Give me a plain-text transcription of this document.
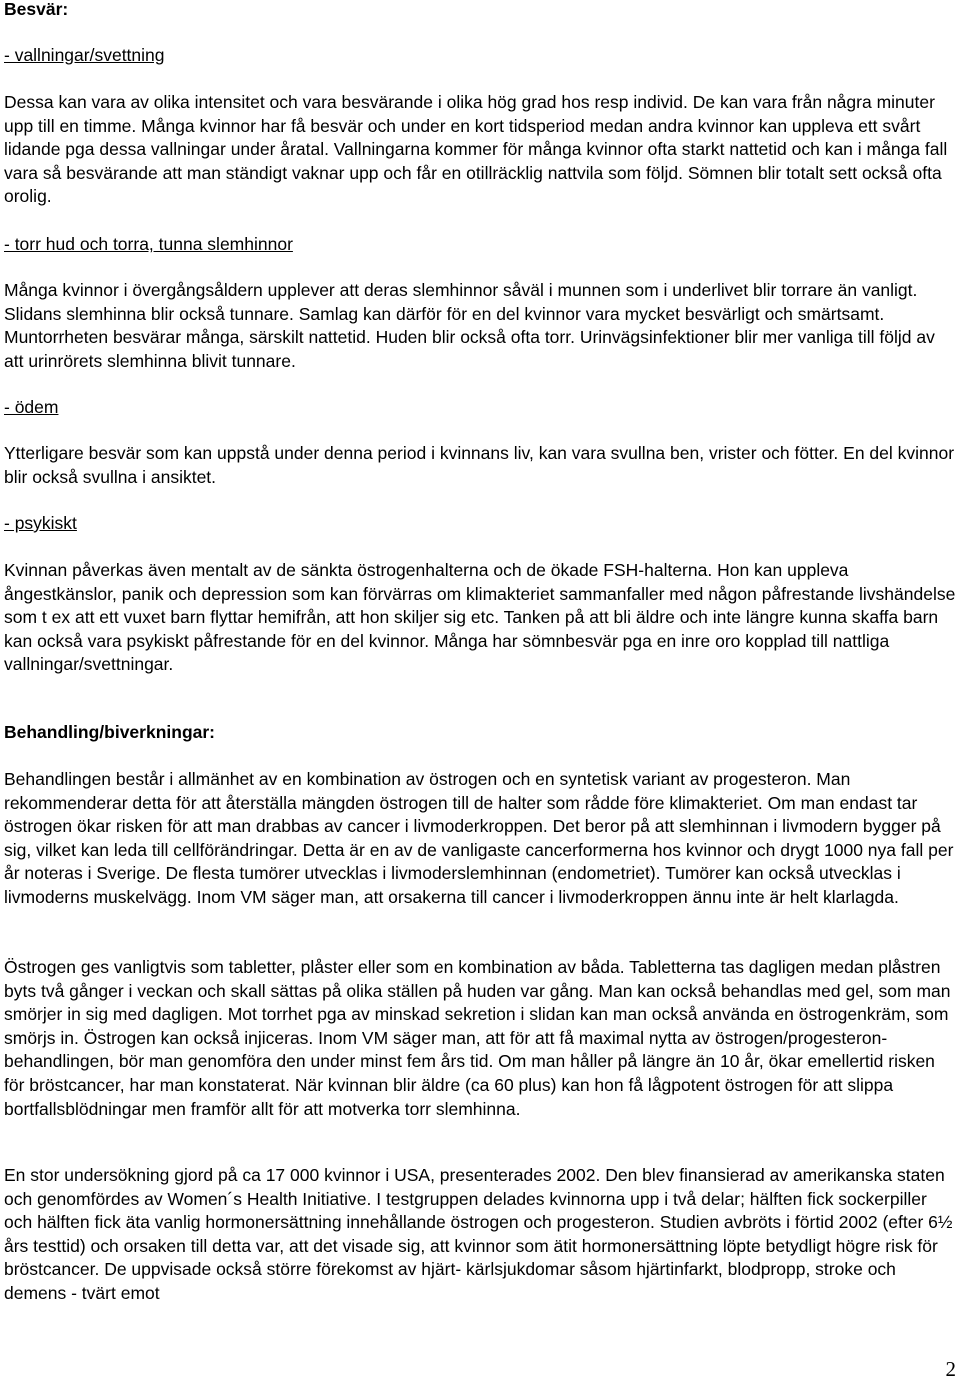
Besvär:
- vallningar/svettning

Dessa kan vara av olika intensitet och vara besvärande i olika hög grad hos resp individ. De kan vara från några minuter upp till en timme. Många kvinnor har få besvär och under en kort tidsperiod medan andra kvinnor kan uppleva ett svårt lidande pga dessa vallningar under åratal. Vallningarna kommer för många kvinnor ofta starkt nattetid och kan i många fall vara så besvärande att man ständigt vaknar upp och får en otillräcklig nattvila som följd. Sömnen blir totalt sett också ofta orolig.

- torr hud och torra, tunna slemhinnor

Många kvinnor i övergångsåldern upplever att deras slemhinnor såväl i munnen som i underlivet blir torrare än vanligt. Slidans slemhinna blir också tunnare. Samlag kan därför för en del kvinnor vara mycket besvärligt och smärtsamt. Muntorrheten besvärar många, särskilt nattetid. Huden blir också ofta torr. Urinvägsinfektioner blir mer vanliga till följd av att urinrörets slemhinna blivit tunnare.

- ödem

Ytterligare besvär som kan uppstå under denna period i kvinnans liv, kan vara svullna ben, vrister och fötter. En del kvinnor blir också svullna i ansiktet.

- psykiskt

Kvinnan påverkas även mentalt av de sänkta östrogenhalterna och de ökade FSH-halterna. Hon kan uppleva ångestkänslor, panik och depression som kan förvärras om klimakteriet sammanfaller med någon påfrestande livshändelse som t ex att ett vuxet barn flyttar hemifrån, att hon skiljer sig etc. Tanken på att bli äldre och inte längre kunna skaffa barn kan också vara psykiskt påfrestande för en del kvinnor. Många har sömnbesvär pga en inre oro kopplad till nattliga vallningar/svettningar.

Behandling/biverkningar:

Behandlingen består i allmänhet av en kombination av östrogen och en syntetisk variant av progesteron. Man rekommenderar detta för att återställa mängden östrogen till de halter som rådde före klimakteriet. Om man endast tar östrogen ökar risken för att man drabbas av cancer i livmoderkroppen. Det beror på att slemhinnan i livmodern bygger på sig, vilket kan leda till cellförändringar. Detta är en av de vanligaste cancerformerna hos kvinnor och drygt 1000 nya fall per år noteras i Sverige. De flesta tumörer utvecklas i livmoderslemhinnan (endometriet). Tumörer kan också utvecklas i livmoderns muskelvägg. Inom VM säger man, att orsakerna till cancer i livmoderkroppen ännu inte är helt klarlagda.

Östrogen ges vanligtvis som tabletter, plåster eller som en kombination av båda. Tabletterna tas dagligen medan plåstren byts två gånger i veckan och skall sättas på olika ställen på huden var gång. Man kan också behandlas med gel, som man smörjer in sig med dagligen. Mot torrhet pga av minskad sekretion i slidan kan man också använda en östrogenkräm, som smörjs in. Östrogen kan också injiceras. Inom VM säger man, att för att få maximal nytta av östrogen/progesteron-behandlingen, bör man genomföra den under minst fem års tid. Om man håller på längre än 10 år, ökar emellertid risken för bröstcancer, har man konstaterat. När kvinnan blir äldre (ca 60 plus) kan hon få lågpotent östrogen för att slippa bortfallsblödningar men framför allt för att motverka torr slemhinna.

En stor undersökning gjord på ca 17 000 kvinnor i USA, presenterades 2002. Den blev finansierad av amerikanska staten och genomfördes av Women´s Health Initiative. I testgruppen delades kvinnorna upp i två delar; hälften fick sockerpiller och hälften fick äta vanlig hormonersättning innehållande östrogen och progesteron. Studien avbröts i förtid 2002 (efter 6½ års testtid) och orsaken till detta var, att det visade sig, att kvinnor som ätit hormonersättning löpte betydligt högre risk för bröstcancer. De uppvisade också större förekomst av hjärt- kärlsjukdomar såsom hjärtinfarkt, blodpropp, stroke och demens - tvärt emot

2
